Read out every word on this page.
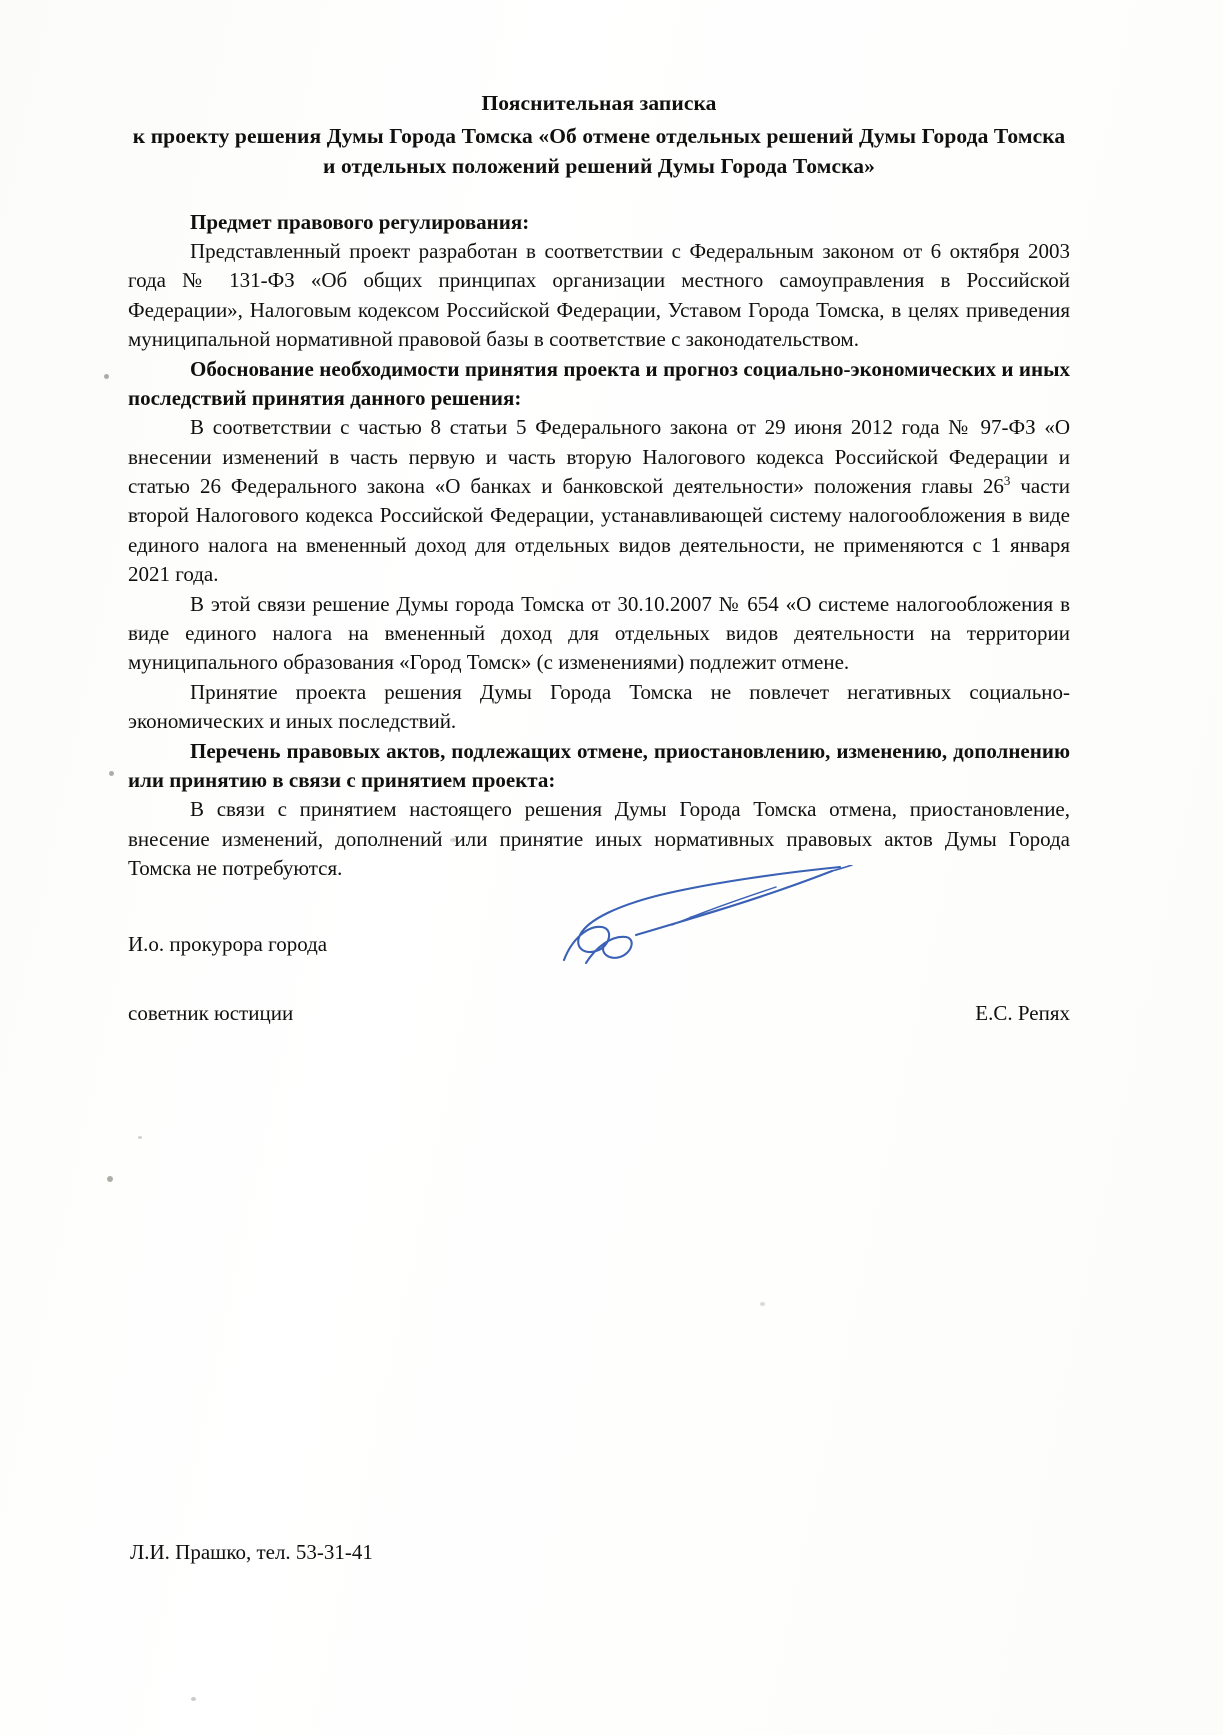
Пояснительная записка
к проекту решения Думы Города Томска «Об отмене отдельных решений Думы Города Томска и отдельных положений решений Думы Города Томска»

Предмет правового регулирования:

Представленный проект разработан в соответствии с Федеральным законом от 6 октября 2003 года № 131-ФЗ «Об общих принципах организации местного самоуправления в Российской Федерации», Налоговым кодексом Российской Федерации, Уставом Города Томска, в целях приведения муниципальной нормативной правовой базы в соответствие с законодательством.

Обоснование необходимости принятия проекта и прогноз социально-экономических и иных последствий принятия данного решения:

В соответствии с частью 8 статьи 5 Федерального закона от 29 июня 2012 года № 97-ФЗ «О внесении изменений в часть первую и часть вторую Налогового кодекса Российской Федерации и статью 26 Федерального закона «О банках и банковской деятельности» положения главы $26^3$ части второй Налогового кодекса Российской Федерации, устанавливающей систему налогообложения в виде единого налога на вмененный доход для отдельных видов деятельности, не применяются с 1 января 2021 года.

В этой связи решение Думы города Томска от 30.10.2007 № 654 «О системе налогообложения в виде единого налога на вмененный доход для отдельных видов деятельности на территории муниципального образования «Город Томск» (с изменениями) подлежит отмене.

Принятие проекта решения Думы Города Томска не повлечет негативных социально-экономических и иных последствий.

Перечень правовых актов, подлежащих отмене, приостановлению, изменению, дополнению или принятию в связи с принятием проекта:

В связи с принятием настоящего решения Думы Города Томска отмена, приостановление, внесение изменений, дополнений или принятие иных нормативных правовых актов Думы Города Томска не потребуются.

И.о. прокурора города

советник юстиции	Е.С. Репях
Л.И. Прашко, тел. 53-31-41
